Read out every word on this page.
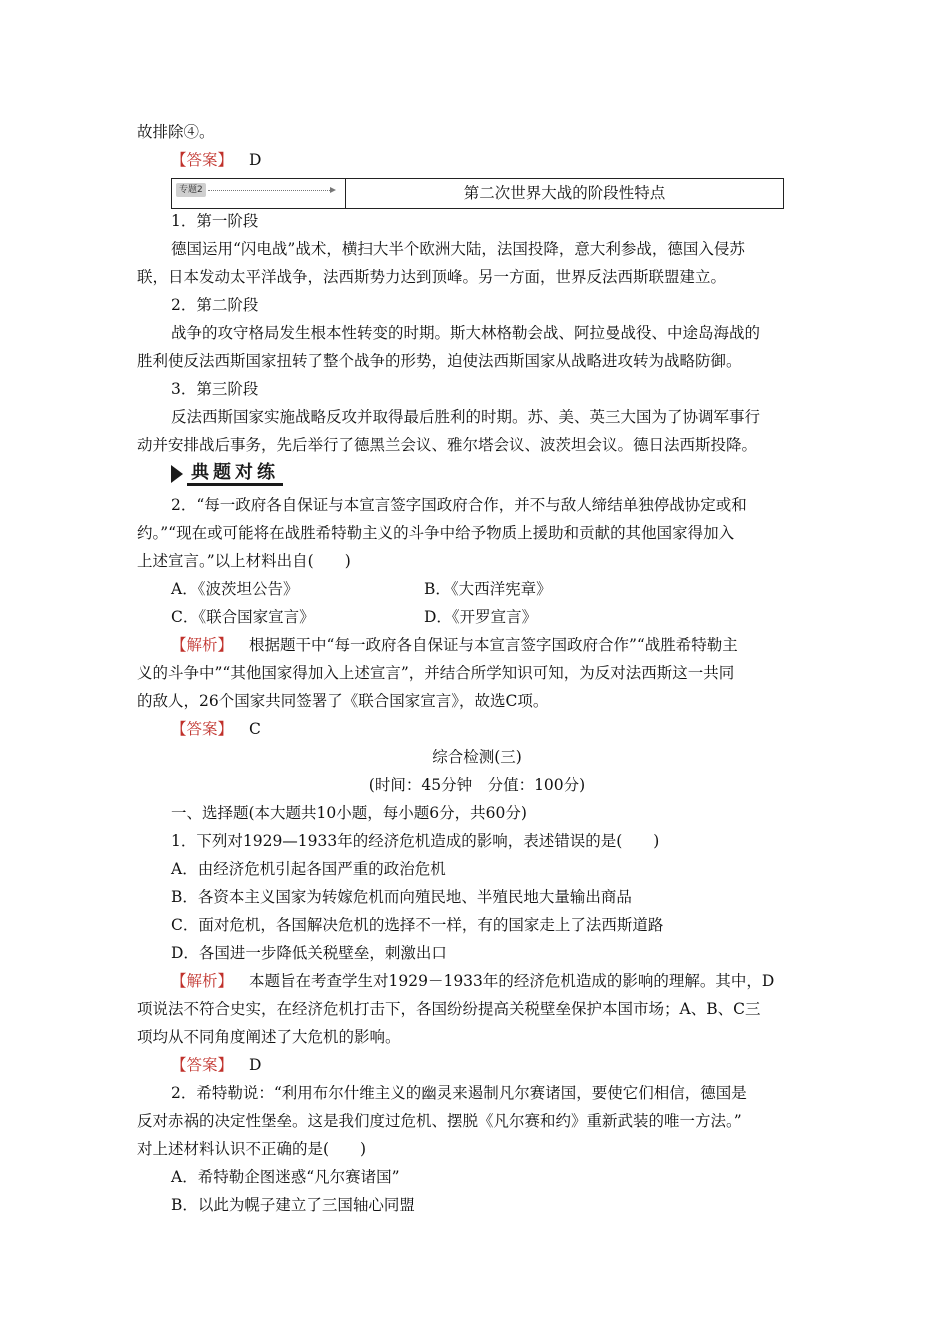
故排除④。
【答案】 D
专题2	第二次世界大战的阶段性特点
1．第一阶段
德国运用“闪电战”战术，横扫大半个欧洲大陆，法国投降，意大利参战，德国入侵苏
联，日本发动太平洋战争，法西斯势力达到顶峰。另一方面，世界反法西斯联盟建立。
2．第二阶段
战争的攻守格局发生根本性转变的时期。斯大林格勒会战、阿拉曼战役、中途岛海战的
胜利使反法西斯国家扭转了整个战争的形势，迫使法西斯国家从战略进攻转为战略防御。
3．第三阶段
反法西斯国家实施战略反攻并取得最后胜利的时期。苏、美、英三大国为了协调军事行
动并安排战后事务，先后举行了德黑兰会议、雅尔塔会议、波茨坦会议。德日法西斯投降。
典题对练
2．“每一政府各自保证与本宣言签字国政府合作，并不与敌人缔结单独停战协定或和
约。”“现在或可能将在战胜希特勒主义的斗争中给予物质上援助和贡献的其他国家得加入
上述宣言。”以上材料出自(　　)
A．《波茨坦公告》	B．《大西洋宪章》
C．《联合国家宣言》	D．《开罗宣言》
【解析】 根据题干中“每一政府各自保证与本宣言签字国政府合作”“战胜希特勒主
义的斗争中”“其他国家得加入上述宣言”，并结合所学知识可知，为反对法西斯这一共同
的敌人，26个国家共同签署了《联合国家宣言》，故选C项。
【答案】 C
综合检测(三)
(时间：45分钟　分值：100分)
一、选择题(本大题共10小题，每小题6分，共60分)
1．下列对1929—1933年的经济危机造成的影响，表述错误的是(　　)
A．由经济危机引起各国严重的政治危机
B．各资本主义国家为转嫁危机而向殖民地、半殖民地大量输出商品
C．面对危机，各国解决危机的选择不一样，有的国家走上了法西斯道路
D．各国进一步降低关税壁垒，刺激出口
【解析】 本题旨在考查学生对1929－1933年的经济危机造成的影响的理解。其中，D
项说法不符合史实，在经济危机打击下，各国纷纷提高关税壁垒保护本国市场；A、B、C三
项均从不同角度阐述了大危机的影响。
【答案】 D
2．希特勒说：“利用布尔什维主义的幽灵来遏制凡尔赛诸国，要使它们相信，德国是
反对赤祸的决定性堡垒。这是我们度过危机、摆脱《凡尔赛和约》重新武装的唯一方法。”
对上述材料认识不正确的是(　　)
A．希特勒企图迷惑“凡尔赛诸国”
B．以此为幌子建立了三国轴心同盟
